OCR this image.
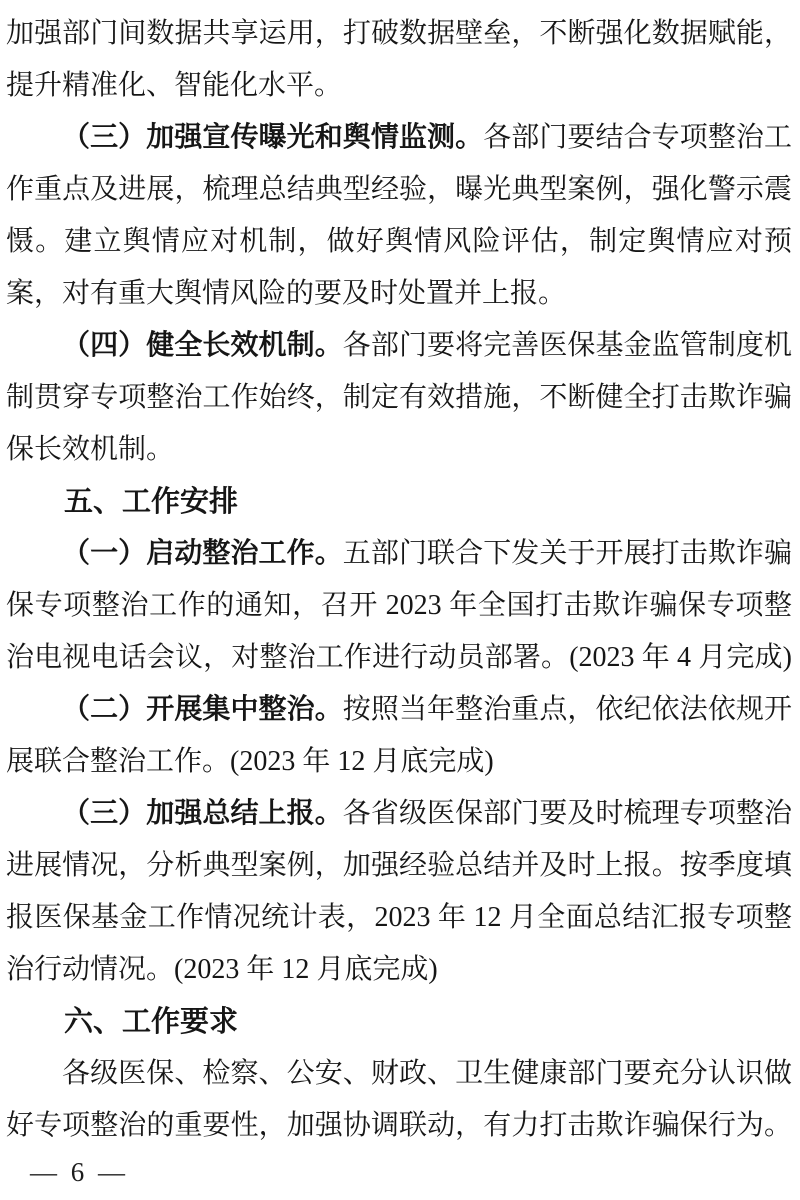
加强部门间数据共享运用，打破数据壁垒，不断强化数据赋能，
提升精准化、智能化水平。
（三）加强宣传曝光和舆情监测。各部门要结合专项整治工
作重点及进展，梳理总结典型经验，曝光典型案例，强化警示震
慑。建立舆情应对机制，做好舆情风险评估，制定舆情应对预
案，对有重大舆情风险的要及时处置并上报。
（四）健全长效机制。各部门要将完善医保基金监管制度机
制贯穿专项整治工作始终，制定有效措施，不断健全打击欺诈骗
保长效机制。
五、工作安排
（一）启动整治工作。五部门联合下发关于开展打击欺诈骗
保专项整治工作的通知，召开 2023 年全国打击欺诈骗保专项整
治电视电话会议，对整治工作进行动员部署。(2023 年 4 月完成)
（二）开展集中整治。按照当年整治重点，依纪依法依规开
展联合整治工作。(2023 年 12 月底完成)
（三）加强总结上报。各省级医保部门要及时梳理专项整治
进展情况，分析典型案例，加强经验总结并及时上报。按季度填
报医保基金工作情况统计表，2023 年 12 月全面总结汇报专项整
治行动情况。(2023 年 12 月底完成)
六、工作要求
各级医保、检察、公安、财政、卫生健康部门要充分认识做
好专项整治的重要性，加强协调联动，有力打击欺诈骗保行为。
— 6 —
